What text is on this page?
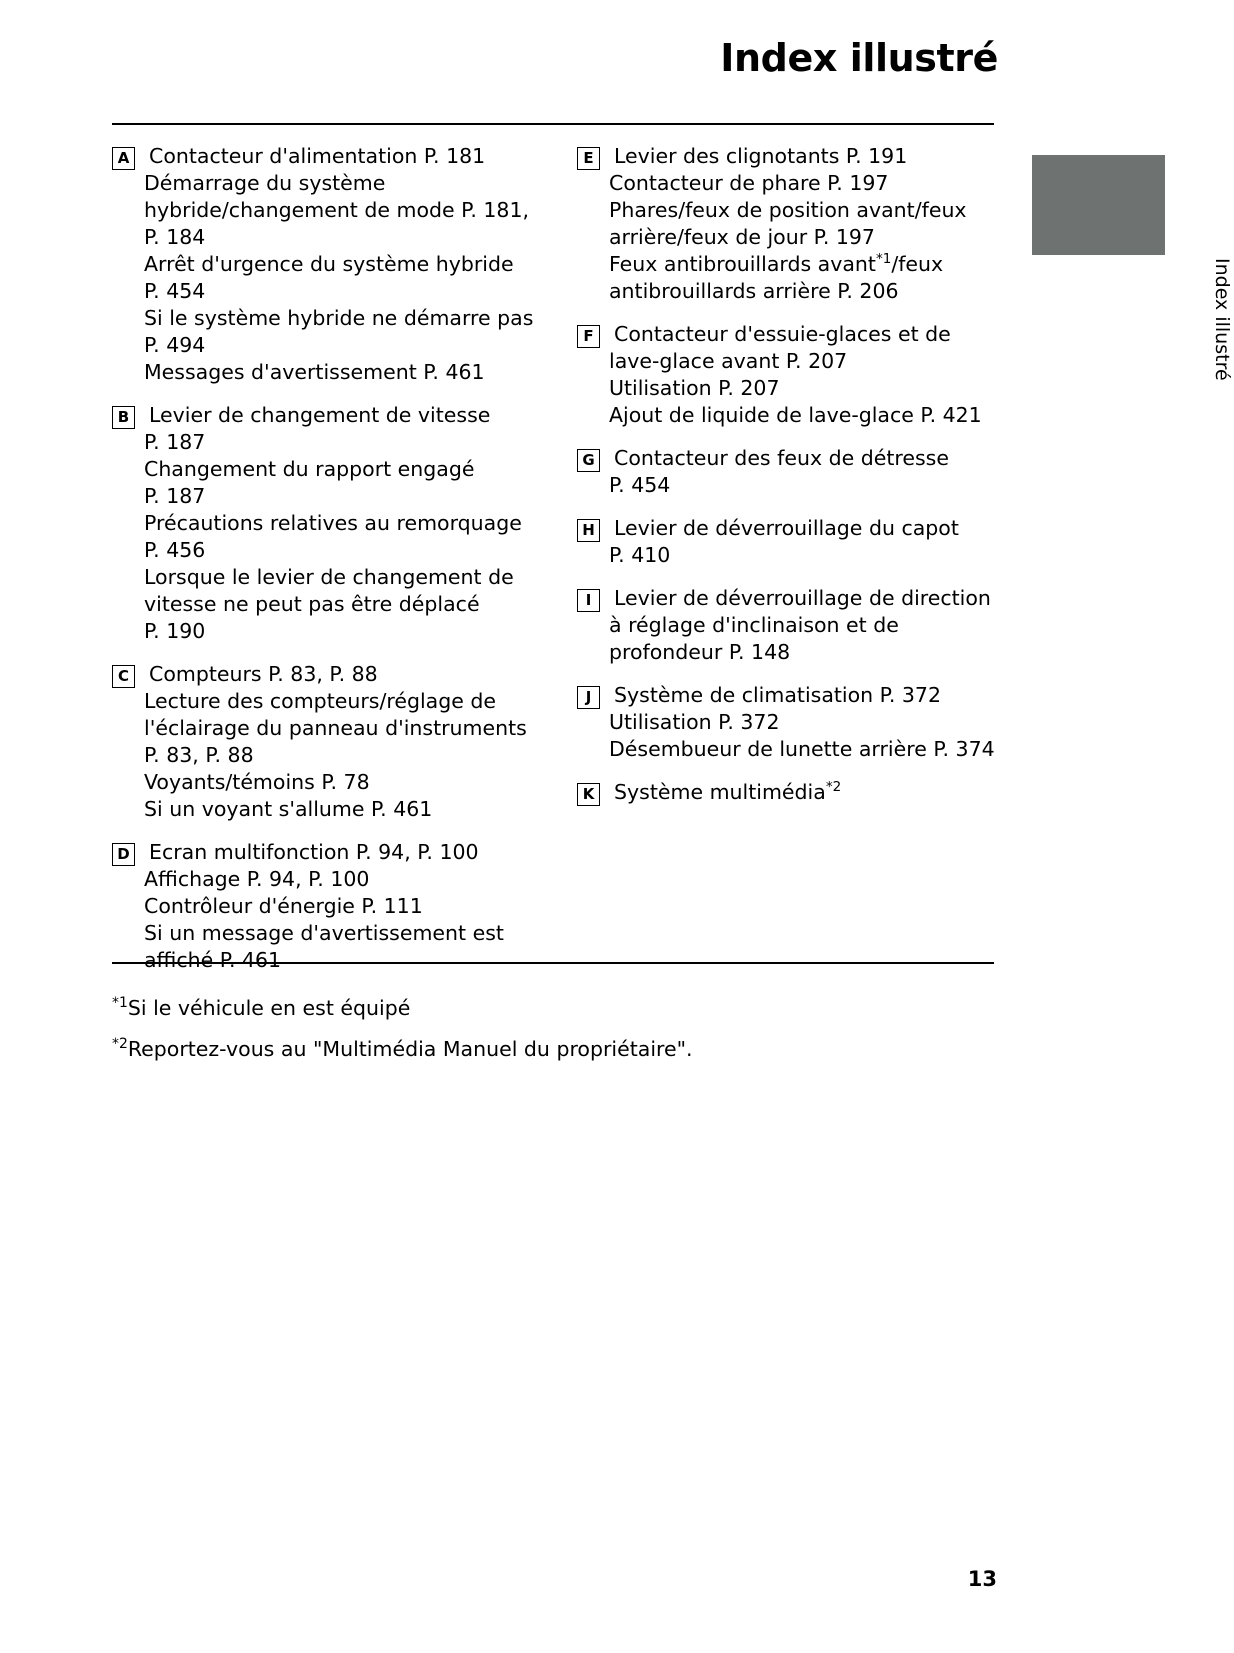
Index illustré
Index illustré
A Contacteur d'alimentation P. 181
Démarrage du système
hybride/changement de mode P. 181,
P. 184
Arrêt d'urgence du système hybride
P. 454
Si le système hybride ne démarre pas
P. 494
Messages d'avertissement P. 461
B Levier de changement de vitesse
P. 187
Changement du rapport engagé
P. 187
Précautions relatives au remorquage
P. 456
Lorsque le levier de changement de
vitesse ne peut pas être déplacé
P. 190
C Compteurs P. 83, P. 88
Lecture des compteurs/réglage de
l'éclairage du panneau d'instruments
P. 83, P. 88
Voyants/témoins P. 78
Si un voyant s'allume P. 461
D Ecran multifonction P. 94, P. 100
Affichage P. 94, P. 100
Contrôleur d'énergie P. 111
Si un message d'avertissement est
affiché P. 461
E Levier des clignotants P. 191
Contacteur de phare P. 197
Phares/feux de position avant/feux
arrière/feux de jour P. 197
Feux antibrouillards avant$^{*1}$/feux
antibrouillards arrière P. 206
F Contacteur d'essuie-glaces et de
lave-glace avant P. 207
Utilisation P. 207
Ajout de liquide de lave-glace P. 421
G Contacteur des feux de détresse
P. 454
H Levier de déverrouillage du capot
P. 410
I	Levier de déverrouillage de direction
à réglage d'inclinaison et de
profondeur P. 148
J	Système de climatisation P. 372
Utilisation P. 372
Désembueur de lunette arrière P. 374
K Système multimédia$^{*2}$
$^{*1}$Si le véhicule en est équipé
$^{*2}$Reportez-vous au "Multimédia Manuel du propriétaire".
13
